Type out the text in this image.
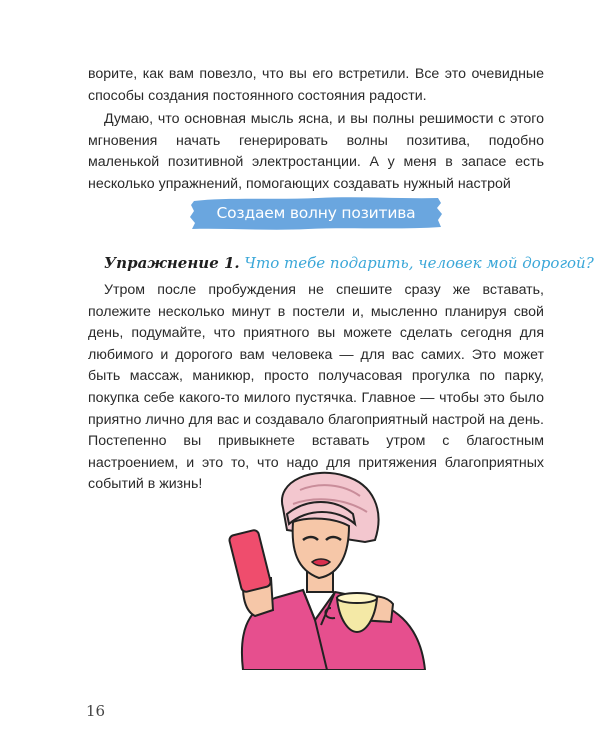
ворите, как вам повезло, что вы его встретили. Все это очевидные способы создания постоянного состояния радости.

Думаю, что основная мысль ясна, и вы полны решимости с этого мгновения начать генерировать волны позитива, подобно маленькой позитивной электростанции. А у меня в запасе есть несколько упражнений, помогающих создавать нужный настрой

Создаем волну позитива
Упражнение 1. Что тебе подарить, человек мой дорогой?

Утром после пробуждения не спешите сразу же вставать, полежите несколько минут в постели и, мысленно планируя свой день, подумайте, что приятного вы можете сделать сегодня для любимого и дорогого вам человека — для вас самих. Это может быть массаж, маникюр, просто получасовая прогулка по парку, покупка себе какого-то милого пустячка. Главное — чтобы это было приятно лично для вас и создавало благоприятный настрой на день. Постепенно вы привыкнете вставать утром с благостным настроением, и это то, что надо для притяжения благоприятных событий в жизнь!

16
